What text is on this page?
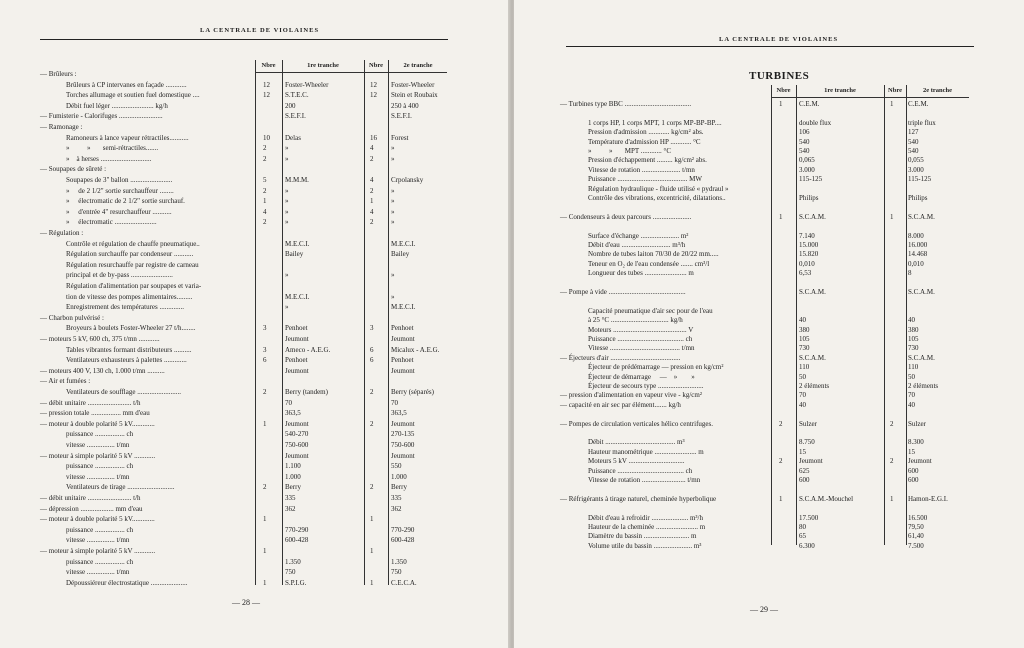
LA CENTRALE DE VIOLAINES
Nbre	1re tranche	Nbre	2e tranche
— Brûleurs :
Brûleurs à CP intervanes en façade ............	12 Foster-Wheeler	12 Foster-Wheeler
Torches allumage et soutien fuel domestique ....	12 S.T.E.C.	12 Stein et Roubaix
Débit fuel léger ........................ kg/h	200	250 à 400
— Fumisterie - Calorifuges .........................	S.E.F.I.	S.E.F.I.
— Ramonage :
Ramoneurs à lance vapeur rétractiles...........	10 Delas	16 Forest
»          »       semi-rétractiles.......	2	»	4	»
»    à herses .............................	2	»	2	»
— Soupapes de sûreté :
Soupapes de 3" ballon ........................	5	M.M.M.	4	Crpolansky
»     de 2 1/2" sortie surchauffeur ........	2	»	2	»
»     électromatic de 2 1/2" sortie surchauf.	1	»	1	»
»     d'entrée 4" resurchauffeur ...........	4	»	4	»
»     électromatic ........................	2	»	2	»
— Régulation :
Contrôle et régulation de chauffe pneumatique..	M.E.C.I.	M.E.C.I.
Régulation surchauffe par condenseur ...........	Bailey	Bailey
Régulation resurchauffe par registre de carneau
principal et de by-pass ........................	»	»
Régulation d'alimentation par soupapes et varia-
tion de vitesse des pompes alimentaires.........	M.E.C.I.	»
Enregistrement des températures ..............	»	M.E.C.I.
— Charbon pulvérisé :
Broyeurs à boulets Foster-Wheeler 27 t/h........	3	Penhoet	3	Penhoet
— moteurs 5 kV, 600 ch, 375 t/mn ............	Jeumont	Jeumont
Tables vibrantes formant distributeurs ..........	3	Ameco - A.E.G.	6	Micalux - A.E.G.
Ventilateurs exhausteurs à palettes .............	6	Penhoet	6	Penhoet
— moteurs 400 V, 130 ch, 1.000 t/mn ..........	Jeumont	Jeumont
— Air et fumées :
Ventilateurs de soufflage .........................	2	Berry (tandem)	2	Berry (séparés)
— débit unitaire ......................... t/h	70	70
— pression totale ................. mm d'eau	363,5	363,5
— moteur à double polarité 5 kV.............	1	Jeumont	2	Jeumont
puissance ................. ch	540-270	270-135
vitesse ................ t/mn	750-600	750-600
— moteur à simple polarité 5 kV ............	Jeumont	Jeumont
puissance ................. ch	1.100	550
vitesse ................ t/mn	1.000	1.000
Ventilateurs de tirage ...........................	2	Berry	2	Berry
— débit unitaire ......................... t/h	335	335
— dépression ................... mm d'eau	362	362
— moteur à double polarité 5 kV.............	1	1
puissance ................. ch	770-290	770-290
vitesse ................ t/mn	600-428	600-428
— moteur à simple polarité 5 kV ............	1	1
puissance ................. ch	1.350	1.350
vitesse ................ t/mn	750	750
Dépoussiéreur électrostatique .....................	1	S.P.I.G.	1	C.E.C.A.
— 28 —
LA CENTRALE DE VIOLAINES
TURBINES
Nbre	1re tranche	Nbre	2e tranche
— Turbines type BBC ......................................	1 C.E.M.	1 C.E.M.
1 corps HP, 1 corps MPT, 1 corps MP-BP-BP....	double flux	triple flux
Pression d'admission ............ kg/cm² abs.	106	127
Température d'admission HP ............ °C	540	540
»          »       MPT ............ °C	540	540
Pression d'échappement ......... kg/cm² abs.	0,065	0,055
Vitesse de rotation ...................... t/mn	3.000	3.000
Puissance ........................................ MW	115-125	115-125
Régulation hydraulique - fluide utilisé « pydraul »
Contrôle des vibrations, excentricité, dilatations..	Philips	Philips
— Condenseurs à deux parcours ......................	1 S.C.A.M.	1 S.C.A.M.
Surface d'échange ...................... m²	7.140	8.000
Débit d'eau ............................ m³/h	15.000	16.000
Nombre de tubes laiton 70/30 de 20/22 mm.....	15.820	14.468
Teneur en O₂ de l'eau condensée ....... cm³/l	0,010	0,010
Longueur des tubes ........................ m	6,53	8
— Pompe à vide ............................................	S.C.A.M.	S.C.A.M.
Capacité pneumatique d'air sec pour de l'eau
à 25 °C ................................. kg/h	40	40
Moteurs .......................................... V	380	380
Puissance ...................................... ch	105	105
Vitesse ........................................ t/mn	730	730
— Éjecteurs d'air ........................................	S.C.A.M.	S.C.A.M.
Éjecteur de prédémarrage — pression en kg/cm²	110	110
Éjecteur de démarrage     —    »        »	50	50
Éjecteur de secours type ..........................	2 éléments	2 éléments
— pression d'alimentation en vapeur vive - kg/cm²	70	70
— capacité en air sec par élément....... kg/h	40	40
— Pompes de circulation verticales hélico centrifuges.	2 Sulzer	2 Sulzer
Débit ........................................ m³	8.750	8.300
Hauteur manométrique ........................ m	15	15
Moteurs 5 kV ................................	2 Jeumont	2 Jeumont
Puissance ...................................... ch	625	600
Vitesse de rotation ......................... t/mn	600	600
— Réfrigérants à tirage naturel, cheminée hyperbolique	1 S.C.A.M.-Mouchel	1 Hamon-E.G.I.
Débit d'eau à refroidir ..................... m³/h	17.500	16.500
Hauteur de la cheminée ........................ m	80	79,50
Diamètre du bassin .......................... m	65	61,40
Volume utile du bassin ...................... m³	6.300	7.500
— 29 —
